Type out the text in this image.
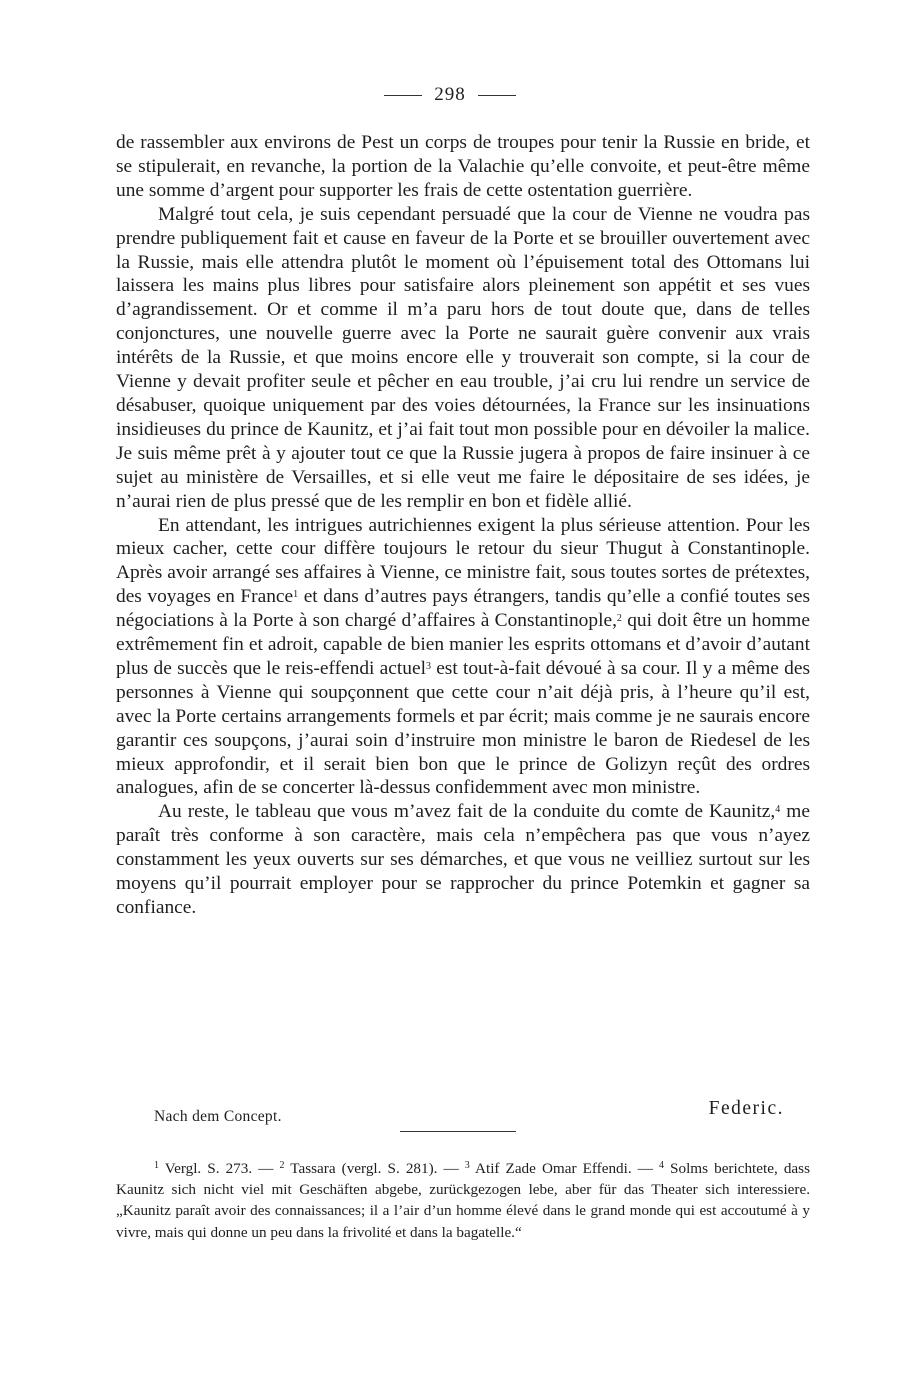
298

de rassembler aux environs de Pest un corps de troupes pour tenir la Russie en bride, et se stipulerait, en revanche, la portion de la Valachie qu’elle convoite, et peut-être même une somme d’argent pour supporter les frais de cette ostentation guerrière.

Malgré tout cela, je suis cependant persuadé que la cour de Vienne ne voudra pas prendre publiquement fait et cause en faveur de la Porte et se brouiller ouvertement avec la Russie, mais elle attendra plutôt le moment où l’épuisement total des Ottomans lui laissera les mains plus libres pour satisfaire alors pleinement son appétit et ses vues d’agrandissement. Or et comme il m’a paru hors de tout doute que, dans de telles conjonctures, une nouvelle guerre avec la Porte ne saurait guère convenir aux vrais intérêts de la Russie, et que moins encore elle y trouverait son compte, si la cour de Vienne y devait profiter seule et pêcher en eau trouble, j’ai cru lui rendre un service de désabuser, quoique uniquement par des voies détournées, la France sur les insinuations insidieuses du prince de Kaunitz, et j’ai fait tout mon possible pour en dévoiler la malice. Je suis même prêt à y ajouter tout ce que la Russie jugera à propos de faire insinuer à ce sujet au ministère de Versailles, et si elle veut me faire le dépositaire de ses idées, je n’aurai rien de plus pressé que de les remplir en bon et fidèle allié.

En attendant, les intrigues autrichiennes exigent la plus sérieuse attention. Pour les mieux cacher, cette cour diffère toujours le retour du sieur Thugut à Constantinople. Après avoir arrangé ses affaires à Vienne, ce ministre fait, sous toutes sortes de prétextes, des voyages en France$^1$ et dans d’autres pays étrangers, tandis qu’elle a confié toutes ses négociations à la Porte à son chargé d’affaires à Constantinople,$^2$ qui doit être un homme extrêmement fin et adroit, capable de bien manier les esprits ottomans et d’avoir d’autant plus de succès que le reis-effendi actuel$^3$ est tout-à-fait dévoué à sa cour. Il y a même des personnes à Vienne qui soupçonnent que cette cour n’ait déjà pris, à l’heure qu’il est, avec la Porte certains arrangements formels et par écrit; mais comme je ne saurais encore garantir ces soupçons, j’aurai soin d’instruire mon ministre le baron de Riedesel de les mieux approfondir, et il serait bien bon que le prince de Golizyn reçût des ordres analogues, afin de se concerter là-dessus confidemment avec mon ministre.

Au reste, le tableau que vous m’avez fait de la conduite du comte de Kaunitz,$^4$ me paraît très conforme à son caractère, mais cela n’empêchera pas que vous n’ayez constamment les yeux ouverts sur ses démarches, et que vous ne veilliez surtout sur les moyens qu’il pourrait employer pour se rapprocher du prince Potemkin et gagner sa confiance.

Nach dem Concept.	Federic.

$^1$ Vergl. S. 273. — $^2$ Tassara (vergl. S. 281). — $^3$ Atif Zade Omar Effendi. — $^4$ Solms berichtete, dass Kaunitz sich nicht viel mit Geschäften abgebe, zurückgezogen lebe, aber für das Theater sich interessiere. „Kaunitz paraît avoir des connaissances; il a l’air d’un homme élevé dans le grand monde qui est accoutumé à y vivre, mais qui donne un peu dans la frivolité et dans la bagatelle.“
